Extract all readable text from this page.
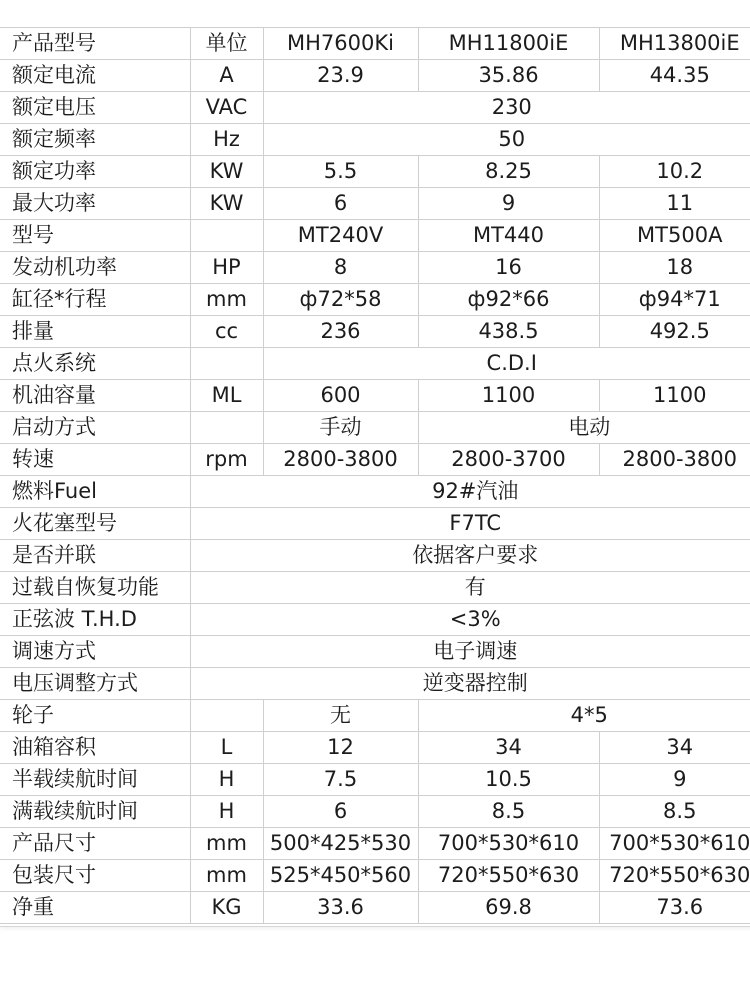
产品型号	单位	MH7600Ki	MH11800iE	MH13800iE
额定电流	A	23.9	35.86	44.35
额定电压	VAC	230		
额定频率	Hz	50		
额定功率	KW	5.5	8.25	10.2
最大功率	KW	6	9	11
型号		MT240V	MT440	MT500A
发动机功率	HP	8	16	18
缸径*行程	mm	ф72*58	ф92*66	ф94*71
排量	cc	236	438.5	492.5
点火系统		C.D.I		
机油容量	ML	600	1100	1100
启动方式		手动	电动	
转速	rpm	2800-3800	2800-3700	2800-3800
燃料Fuel	92#汽油			
火花塞型号	F7TC			
是否并联	依据客户要求			
过载自恢复功能	有			
正弦波 T.H.D	<3%			
调速方式	电子调速			
电压调整方式	逆变器控制			
轮子		无	4*5	
油箱容积	L	12	34	34
半载续航时间	H	7.5	10.5	9
满载续航时间	H	6	8.5	8.5
产品尺寸	mm	500*425*530	700*530*610	700*530*610
包装尺寸	mm	525*450*560	720*550*630	720*550*630
净重	KG	33.6	69.8	73.6
